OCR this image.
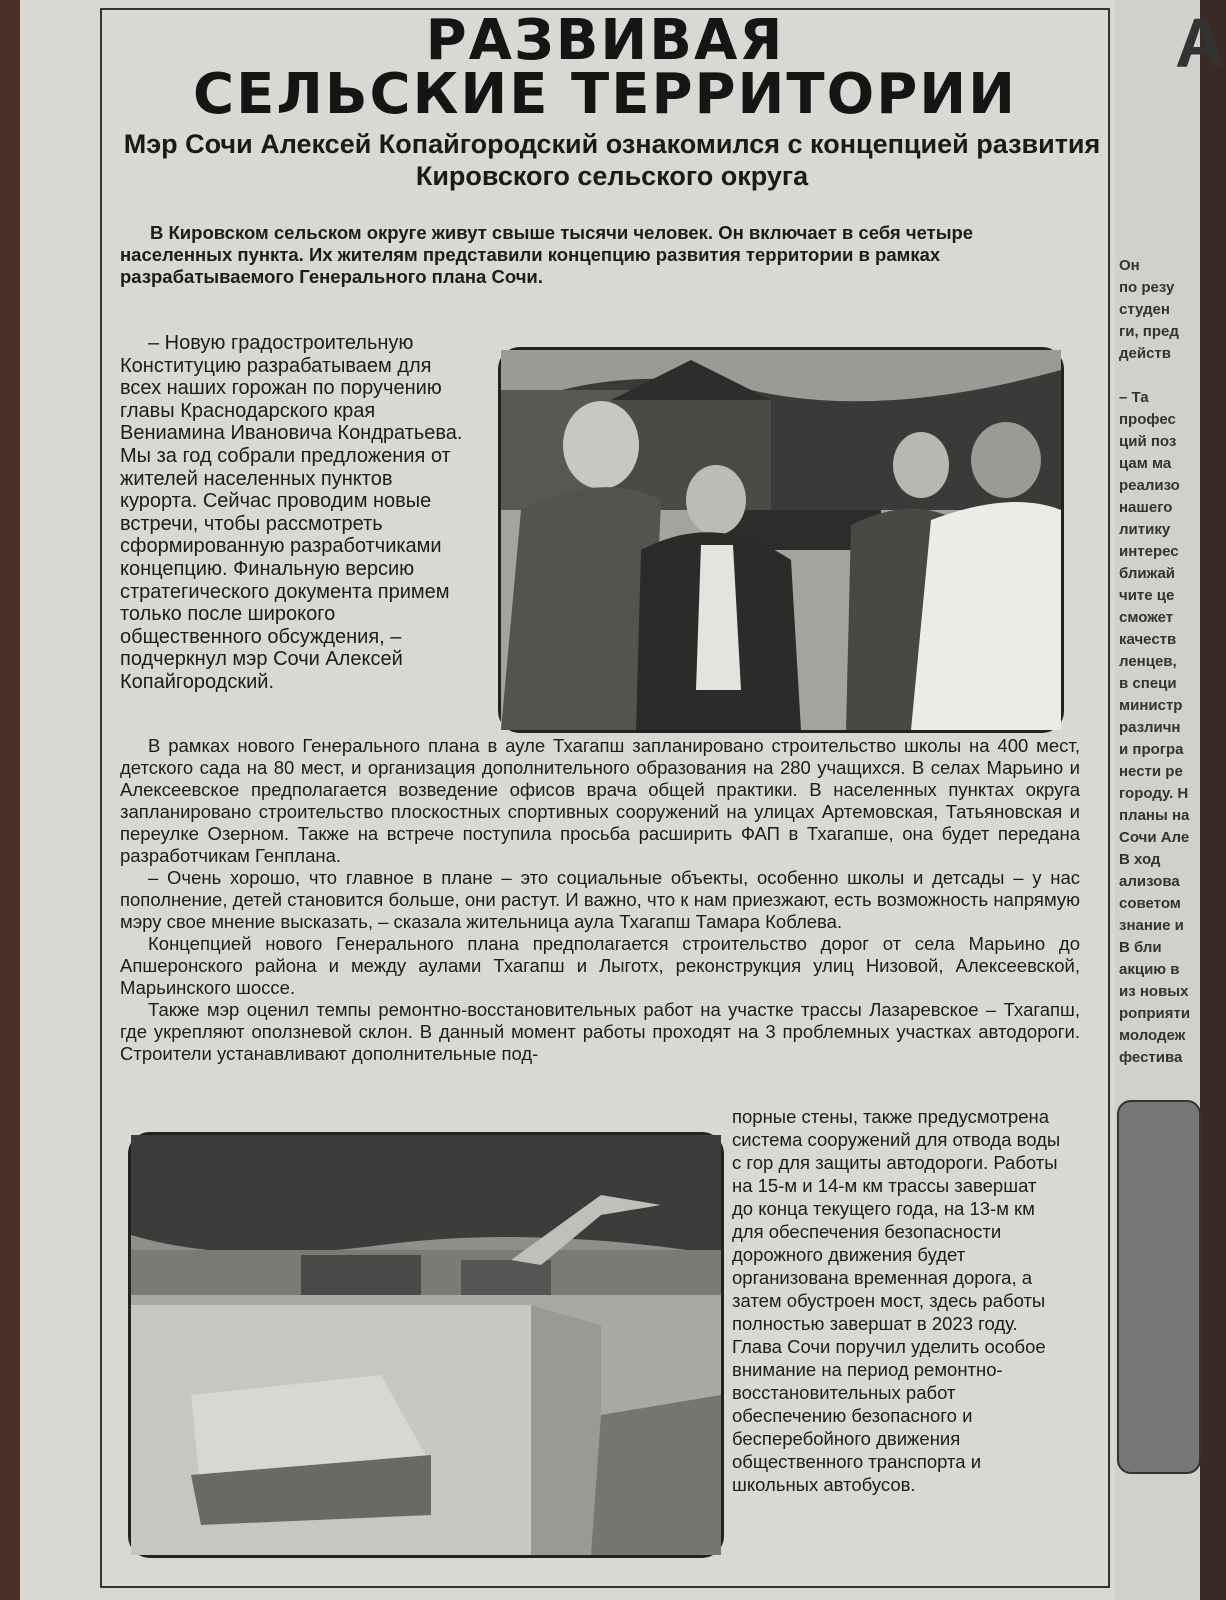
РАЗВИВАЯ
СЕЛЬСКИЕ ТЕРРИТОРИИ
Мэр Сочи Алексей Копайгородский ознакомился с концепцией развития Кировского сельского округа
В Кировском сельском округе живут свыше тысячи человек. Он включает в себя четыре населенных пункта. Их жителям представили концепцию развития территории в рамках разрабатываемого Генерального плана Сочи.

– Новую градостроительную Конституцию разрабатываем для всех наших горожан по поручению главы Краснодарского края Вениамина Ивановича Кондратьева. Мы за год собрали предложения от жителей населенных пунктов курорта. Сейчас проводим новые встречи, чтобы рассмотреть сформированную разработчиками концепцию. Финальную версию стратегического документа примем только после широкого общественного обсуждения, – подчеркнул мэр Сочи Алексей Копайгородский.

В рамках нового Генерального плана в ауле Тхагапш запланировано строительство школы на 400 мест, детского сада на 80 мест, и организация дополнительного образования на 280 учащихся. В селах Марьино и Алексеевское предполагается возведение офисов врача общей практики. В населенных пунктах округа запланировано строительство плоскостных спортивных сооружений на улицах Артемовская, Татьяновская и переулке Озерном. Также на встрече поступила просьба расширить ФАП в Тхагапше, она будет передана разработчикам Генплана.

– Очень хорошо, что главное в плане – это социальные объекты, особенно школы и детсады – у нас пополнение, детей становится больше, они растут. И важно, что к нам приезжают, есть возможность напрямую мэру свое мнение высказать, – сказала жительница аула Тхагапш Тамара Коблева.

Концепцией нового Генерального плана предполагается строительство дорог от села Марьино до Апшеронского района и между аулами Тхагапш и Лыготх, реконструкция улиц Низовой, Алексеевской, Марьинского шоссе.

Также мэр оценил темпы ремонтно-восстановительных работ на участке трассы Лазаревское – Тхагапш, где укрепляют оползневой склон. В данный момент работы проходят на 3 проблемных участках автодороги. Строители устанавливают дополнительные под-

порные стены, также предусмотрена система сооружений для отвода воды с гор для защиты автодороги. Работы на 15-м и 14-м км трассы завершат до конца текущего года, на 13-м км для обеспечения безопасности дорожного движения будет организована временная дорога, а затем обустроен мост, здесь работы полностью завершат в 2023 году. Глава Сочи поручил уделить особое внимание на период ремонтно-восстановительных работ обеспечению безопасного и бесперебойного движения общественного транспорта и школьных автобусов.

А
Он
по резу
студен
ги, пред
действ
– Та
профес
ций поз
цам ма
реализо
нашего
литику
интерес
ближай
чите це
сможет
качеств
ленцев,
в специ
министр
различн
и програ
нести ре
городу. Н
планы на
Сочи Але
В ход
ализова
советом
знание и
В бли
акцию в
из новых
роприяти
молодеж
фестива
